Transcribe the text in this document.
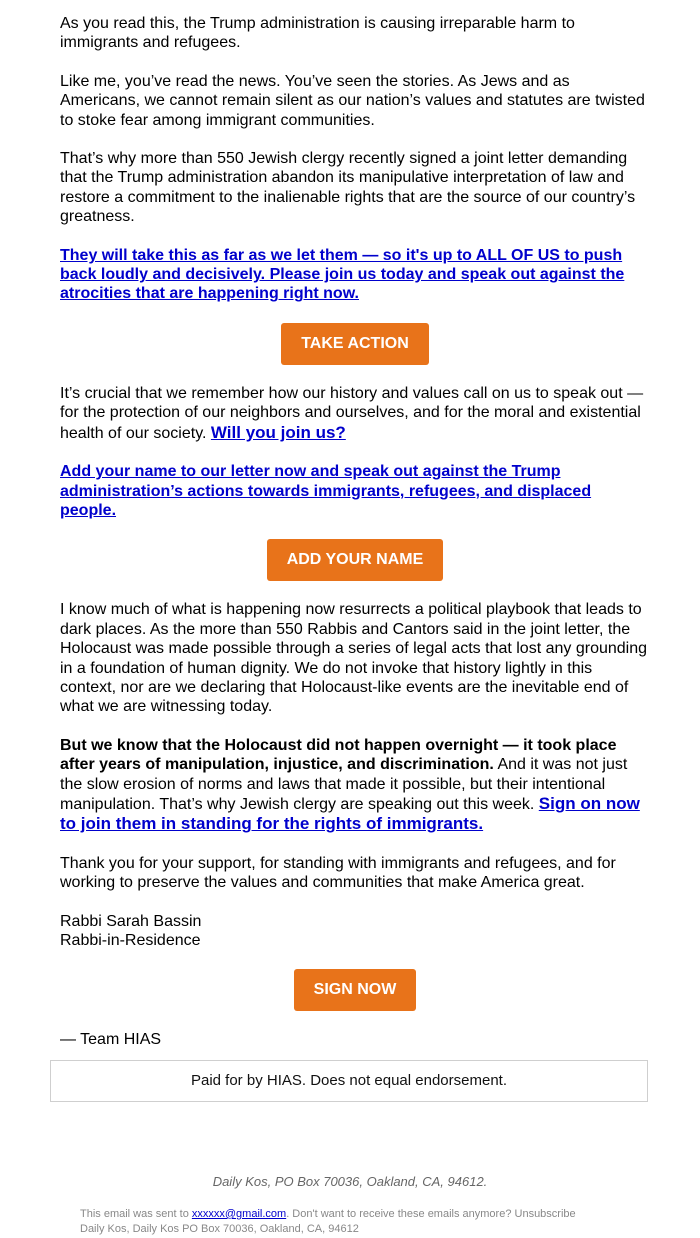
As you read this, the Trump administration is causing irreparable harm to immigrants and refugees.

Like me, you’ve read the news. You’ve seen the stories. As Jews and as Americans, we cannot remain silent as our nation’s values and statutes are twisted to stoke fear among immigrant communities.

That’s why more than 550 Jewish clergy recently signed a joint letter demanding that the Trump administration abandon its manipulative interpretation of law and restore a commitment to the inalienable rights that are the source of our country’s greatness.

They will take this as far as we let them — so it's up to ALL OF US to push back loudly and decisively. Please join us today and speak out against the atrocities that are happening right now.

TAKE ACTION

It’s crucial that we remember how our history and values call on us to speak out — for the protection of our neighbors and ourselves, and for the moral and existential health of our society. Will you join us?

Add your name to our letter now and speak out against the Trump administration’s actions towards immigrants, refugees, and displaced people.

ADD YOUR NAME

I know much of what is happening now resurrects a political playbook that leads to dark places. As the more than 550 Rabbis and Cantors said in the joint letter, the Holocaust was made possible through a series of legal acts that lost any grounding in a foundation of human dignity. We do not invoke that history lightly in this context, nor are we declaring that Holocaust-like events are the inevitable end of what we are witnessing today.

But we know that the Holocaust did not happen overnight — it took place after years of manipulation, injustice, and discrimination. And it was not just the slow erosion of norms and laws that made it possible, but their intentional manipulation. That’s why Jewish clergy are speaking out this week. Sign on now to join them in standing for the rights of immigrants.

Thank you for your support, for standing with immigrants and refugees, and for working to preserve the values and communities that make America great.

Rabbi Sarah Bassin
Rabbi-in-Residence
SIGN NOW
— Team HIAS
Paid for by HIAS. Does not equal endorsement.
Daily Kos, PO Box 70036, Oakland, CA, 94612.
This email was sent to xxxxxx@gmail.com. Don't want to receive these emails anymore? Unsubscribe
Daily Kos, Daily Kos PO Box 70036, Oakland, CA, 94612
